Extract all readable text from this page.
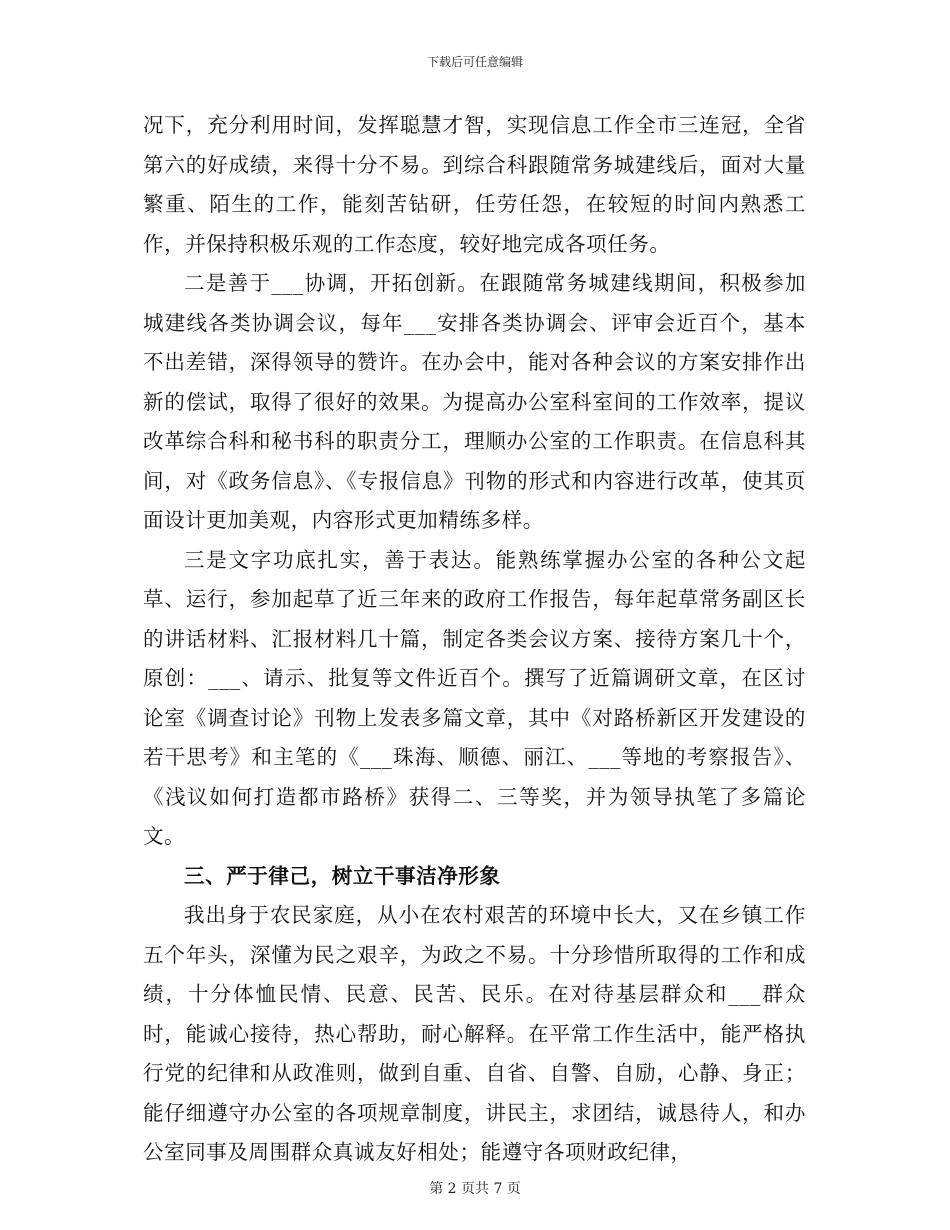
下载后可任意编辑

况下，充分利用时间，发挥聪慧才智，实现信息工作全市三连冠，全省第六的好成绩，来得十分不易。到综合科跟随常务城建线后，面对大量繁重、陌生的工作，能刻苦钻研，任劳任怨，在较短的时间内熟悉工作，并保持积极乐观的工作态度，较好地完成各项任务。

二是善于___协调，开拓创新。在跟随常务城建线期间，积极参加城建线各类协调会议，每年___安排各类协调会、评审会近百个，基本不出差错，深得领导的赞许。在办会中，能对各种会议的方案安排作出新的偿试，取得了很好的效果。为提高办公室科室间的工作效率，提议改革综合科和秘书科的职责分工，理顺办公室的工作职责。在信息科其间，对《政务信息》、《专报信息》刊物的形式和内容进行改革，使其页面设计更加美观，内容形式更加精练多样。

三是文字功底扎实，善于表达。能熟练掌握办公室的各种公文起草、运行，参加起草了近三年来的政府工作报告，每年起草常务副区长的讲话材料、汇报材料几十篇，制定各类会议方案、接待方案几十个，原创：___、请示、批复等文件近百个。撰写了近篇调研文章，在区讨论室《调查讨论》刊物上发表多篇文章，其中《对路桥新区开发建设的若干思考》和主笔的《___珠海、顺德、丽江、___等地的考察报告》、《浅议如何打造都市路桥》获得二、三等奖，并为领导执笔了多篇论文。

三、严于律己，树立干事洁净形象

我出身于农民家庭，从小在农村艰苦的环境中长大，又在乡镇工作五个年头，深懂为民之艰辛，为政之不易。十分珍惜所取得的工作和成绩，十分体恤民情、民意、民苦、民乐。在对待基层群众和___群众时，能诚心接待，热心帮助，耐心解释。在平常工作生活中，能严格执行党的纪律和从政准则，做到自重、自省、自警、自励，心静、身正；能仔细遵守办公室的各项规章制度，讲民主，求团结，诚恳待人，和办公室同事及周围群众真诚友好相处；能遵守各项财政纪律，

第 2 页共 7 页
